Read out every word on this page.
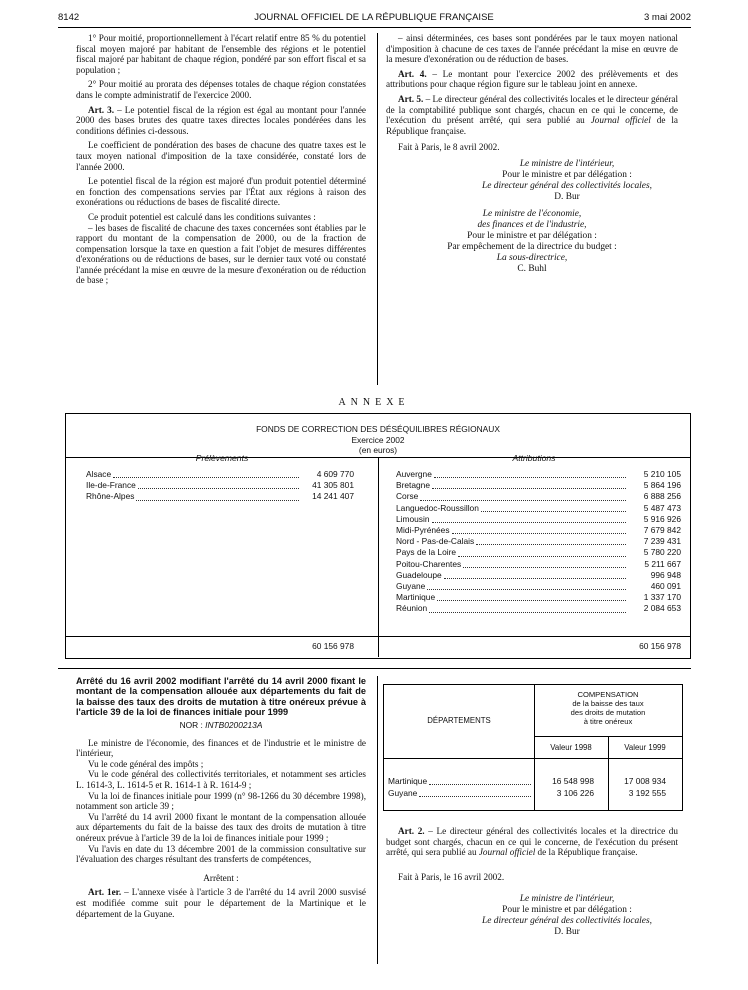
8142	JOURNAL OFFICIEL DE LA RÉPUBLIQUE FRANÇAISE	3 mai 2002

1° Pour moitié, proportionnellement à l'écart relatif entre 85 % du potentiel fiscal moyen majoré par habitant de l'ensemble des régions et le potentiel fiscal majoré par habitant de chaque région, pondéré par son effort fiscal et sa population ;

2° Pour moitié au prorata des dépenses totales de chaque région constatées dans le compte administratif de l'exercice 2000.

Art. 3. – Le potentiel fiscal de la région est égal au montant pour l'année 2000 des bases brutes des quatre taxes directes locales pondérées dans les conditions définies ci-dessous.

Le coefficient de pondération des bases de chacune des quatre taxes est le taux moyen national d'imposition de la taxe considérée, constaté lors de l'année 2000.

Le potentiel fiscal de la région est majoré d'un produit potentiel déterminé en fonction des compensations servies par l'État aux régions à raison des exonérations ou réductions de bases de fiscalité directe.

Ce produit potentiel est calculé dans les conditions suivantes :

– les bases de fiscalité de chacune des taxes concernées sont établies par le rapport du montant de la compensation de 2000, ou de la fraction de compensation lorsque la taxe en question a fait l'objet de mesures différentes d'exonérations ou de réductions de bases, sur le dernier taux voté ou constaté l'année précédant la mise en œuvre de la mesure d'exonération ou de réduction de base ;

– ainsi déterminées, ces bases sont pondérées par le taux moyen national d'imposition à chacune de ces taxes de l'année précédant la mise en œuvre de la mesure d'exonération ou de réduction de bases.

Art. 4. – Le montant pour l'exercice 2002 des prélèvements et des attributions pour chaque région figure sur le tableau joint en annexe.

Art. 5. – Le directeur général des collectivités locales et le directeur général de la comptabilité publique sont chargés, chacun en ce qui le concerne, de l'exécution du présent arrêté, qui sera publié au Journal officiel de la République française.

Fait à Paris, le 8 avril 2002.

Le ministre de l'intérieur,

Pour le ministre et par délégation :

Le directeur général des collectivités locales,

D. Bur

Le ministre de l'économie,

des finances et de l'industrie,

Pour le ministre et par délégation :

Par empêchement de la directrice du budget :

La sous-directrice,

C. Buhl

ANNEXE
FONDS DE CORRECTION DES DÉSÉQUILIBRES RÉGIONAUX
Exercice 2002
(en euros)
Prélèvements	Attributions
Alsace	4 609 770
Ile-de-France	41 305 801
Rhône-Alpes	14 241 407
Auvergne	5 210 105
Bretagne	5 864 196
Corse	6 888 256
Languedoc-Roussillon	5 487 473
Limousin	5 916 926
Midi-Pyrénées	7 679 842
Nord - Pas-de-Calais	7 239 431
Pays de la Loire	5 780 220
Poitou-Charentes	5 211 667
Guadeloupe	996 948
Guyane	460 091
Martinique	1 337 170
Réunion	2 084 653
60 156 978	60 156 978

Arrêté du 16 avril 2002 modifiant l'arrêté du 14 avril 2000 fixant le montant de la compensation allouée aux départements du fait de la baisse des taux des droits de mutation à titre onéreux prévue à l'article 39 de la loi de finances initiale pour 1999

NOR : INTB0200213A

Le ministre de l'économie, des finances et de l'industrie et le ministre de l'intérieur,

Vu le code général des impôts ;

Vu le code général des collectivités territoriales, et notamment ses articles L. 1614-3, L. 1614-5 et R. 1614-1 à R. 1614-9 ;

Vu la loi de finances initiale pour 1999 (n° 98-1266 du 30 décembre 1998), notamment son article 39 ;

Vu l'arrêté du 14 avril 2000 fixant le montant de la compensation allouée aux départements du fait de la baisse des taux des droits de mutation à titre onéreux prévue à l'article 39 de la loi de finances initiale pour 1999 ;

Vu l'avis en date du 13 décembre 2001 de la commission consultative sur l'évaluation des charges résultant des transferts de compétences,

Arrêtent :

Art. 1er. – L'annexe visée à l'article 3 de l'arrêté du 14 avril 2000 susvisé est modifiée comme suit pour le département de la Martinique et le département de la Guyane.

DÉPARTEMENTS
COMPENSATION
de la baisse des taux
des droits de mutation
à titre onéreux
Valeur 1998	Valeur 1999
Martinique	16 548 998	17 008 934
Guyane	3 106 226	3 192 555

Art. 2. – Le directeur général des collectivités locales et la directrice du budget sont chargés, chacun en ce qui le concerne, de l'exécution du présent arrêté, qui sera publié au Journal officiel de la République française.

Fait à Paris, le 16 avril 2002.

Le ministre de l'intérieur,

Pour le ministre et par délégation :

Le directeur général des collectivités locales,

D. Bur
